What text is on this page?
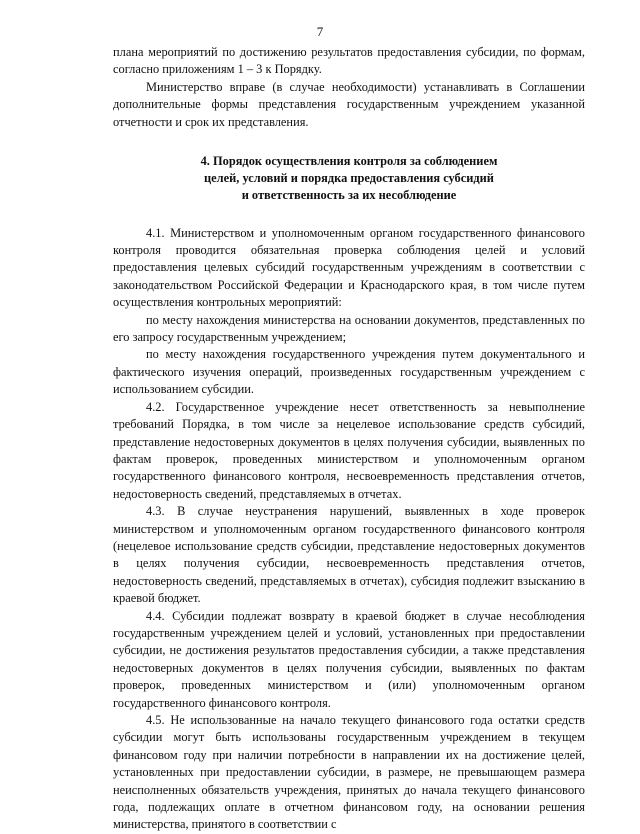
7

плана мероприятий по достижению результатов предоставления субсидии, по формам, согласно приложениям 1 – 3 к Порядку.

Министерство вправе (в случае необходимости) устанавливать в Соглашении дополнительные формы представления государственным учреждением указанной отчетности и срок их представления.

4. Порядок осуществления контроля за соблюдением
целей, условий и порядка предоставления субсидий
и ответственность за их несоблюдение

4.1. Министерством и уполномоченным органом государственного финансового контроля проводится обязательная проверка соблюдения целей и условий предоставления целевых субсидий государственным учреждениям в соответствии с законодательством Российской Федерации и Краснодарского края, в том числе путем осуществления контрольных мероприятий:

по месту нахождения министерства на основании документов, представленных по его запросу государственным учреждением;

по месту нахождения государственного учреждения путем документального и фактического изучения операций, произведенных государственным учреждением с использованием субсидии.

4.2. Государственное учреждение несет ответственность за невыполнение требований Порядка, в том числе за нецелевое использование средств субсидий, представление недостоверных документов в целях получения субсидии, выявленных по фактам проверок, проведенных министерством и уполномоченным органом государственного финансового контроля, несвоевременность представления отчетов, недостоверность сведений, представляемых в отчетах.

4.3. В случае неустранения нарушений, выявленных в ходе проверок министерством и уполномоченным органом государственного финансового контроля (нецелевое использование средств субсидии, представление недостоверных документов в целях получения субсидии, несвоевременность представления отчетов, недостоверность сведений, представляемых в отчетах), субсидия подлежит взысканию в краевой бюджет.

4.4. Субсидии подлежат возврату в краевой бюджет в случае несоблюдения государственным учреждением целей и условий, установленных при предоставлении субсидии, не достижения результатов предоставления субсидии, а также представления недостоверных документов в целях получения субсидии, выявленных по фактам проверок, проведенных министерством и (или) уполномоченным органом государственного финансового контроля.

4.5. Не использованные на начало текущего финансового года остатки средств субсидии могут быть использованы государственным учреждением в текущем финансовом году при наличии потребности в направлении их на достижение целей, установленных при предоставлении субсидии, в размере, не превышающем размера неисполненных обязательств учреждения, принятых до начала текущего финансового года, подлежащих оплате в отчетном финансовом году, на основании решения министерства, принятого в соответствии с
